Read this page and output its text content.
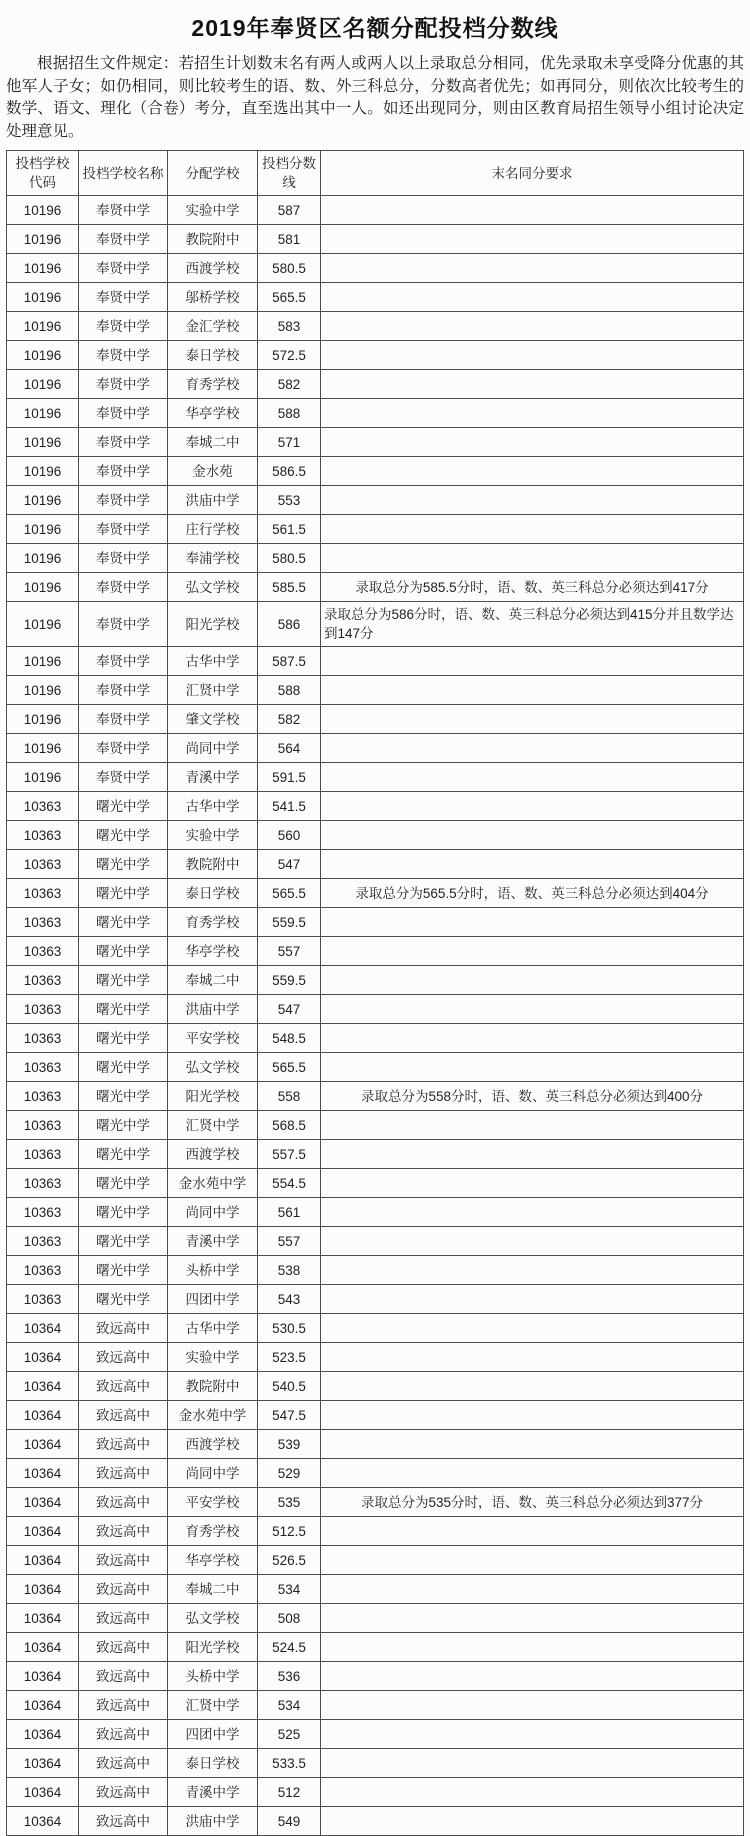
2019年奉贤区名额分配投档分数线

根据招生文件规定：若招生计划数末名有两人或两人以上录取总分相同，优先录取未享受降分优惠的其他军人子女；如仍相同，则比较考生的语、数、外三科总分，分数高者优先；如再同分，则依次比较考生的数学、语文、理化（合卷）考分，直至选出其中一人。如还出现同分，则由区教育局招生领导小组讨论决定处理意见。

投档学校代码	投档学校名称	分配学校	投档分数线	末名同分要求
10196	奉贤中学	实验中学	587	
10196	奉贤中学	教院附中	581	
10196	奉贤中学	西渡学校	580.5	
10196	奉贤中学	邬桥学校	565.5	
10196	奉贤中学	金汇学校	583	
10196	奉贤中学	泰日学校	572.5	
10196	奉贤中学	育秀学校	582	
10196	奉贤中学	华亭学校	588	
10196	奉贤中学	奉城二中	571	
10196	奉贤中学	金水苑	586.5	
10196	奉贤中学	洪庙中学	553	
10196	奉贤中学	庄行学校	561.5	
10196	奉贤中学	奉浦学校	580.5	
10196	奉贤中学	弘文学校	585.5	录取总分为585.5分时，语、数、英三科总分必须达到417分
10196	奉贤中学	阳光学校	586	录取总分为586分时，语、数、英三科总分必须达到415分并且数学达到147分
10196	奉贤中学	古华中学	587.5	
10196	奉贤中学	汇贤中学	588	
10196	奉贤中学	肇文学校	582	
10196	奉贤中学	尚同中学	564	
10196	奉贤中学	青溪中学	591.5	
10363	曙光中学	古华中学	541.5	
10363	曙光中学	实验中学	560	
10363	曙光中学	教院附中	547	
10363	曙光中学	泰日学校	565.5	录取总分为565.5分时，语、数、英三科总分必须达到404分
10363	曙光中学	育秀学校	559.5	
10363	曙光中学	华亭学校	557	
10363	曙光中学	奉城二中	559.5	
10363	曙光中学	洪庙中学	547	
10363	曙光中学	平安学校	548.5	
10363	曙光中学	弘文学校	565.5	
10363	曙光中学	阳光学校	558	录取总分为558分时，语、数、英三科总分必须达到400分
10363	曙光中学	汇贤中学	568.5	
10363	曙光中学	西渡学校	557.5	
10363	曙光中学	金水苑中学	554.5	
10363	曙光中学	尚同中学	561	
10363	曙光中学	青溪中学	557	
10363	曙光中学	头桥中学	538	
10363	曙光中学	四团中学	543	
10364	致远高中	古华中学	530.5	
10364	致远高中	实验中学	523.5	
10364	致远高中	教院附中	540.5	
10364	致远高中	金水苑中学	547.5	
10364	致远高中	西渡学校	539	
10364	致远高中	尚同中学	529	
10364	致远高中	平安学校	535	录取总分为535分时，语、数、英三科总分必须达到377分
10364	致远高中	育秀学校	512.5	
10364	致远高中	华亭学校	526.5	
10364	致远高中	奉城二中	534	
10364	致远高中	弘文学校	508	
10364	致远高中	阳光学校	524.5	
10364	致远高中	头桥中学	536	
10364	致远高中	汇贤中学	534	
10364	致远高中	四团中学	525	
10364	致远高中	泰日学校	533.5	
10364	致远高中	青溪中学	512	
10364	致远高中	洪庙中学	549	
